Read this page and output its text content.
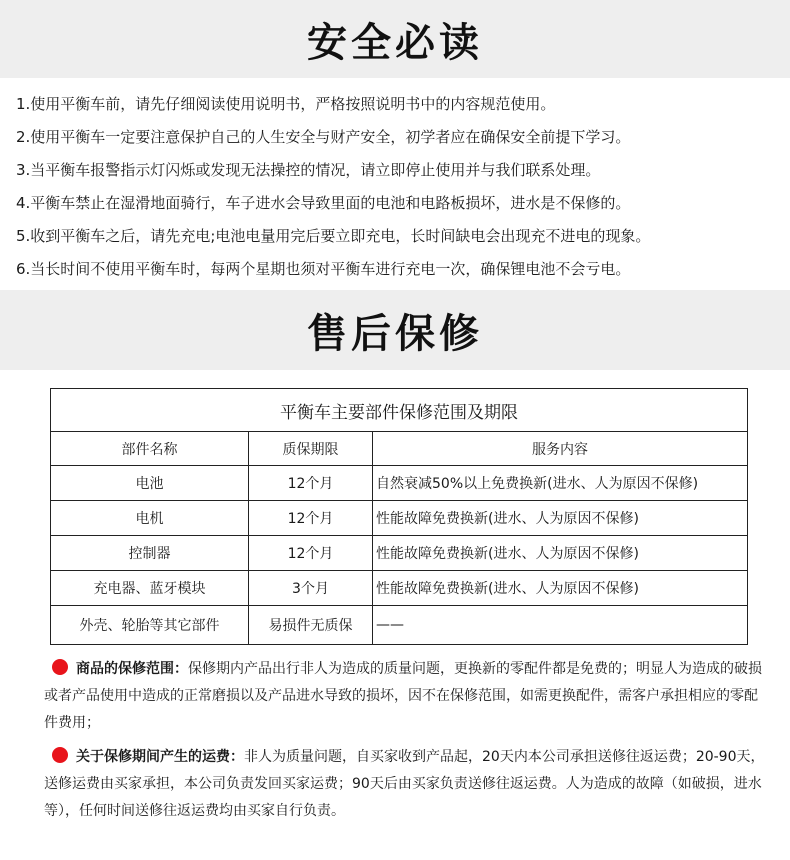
安全必读
1.使用平衡车前，请先仔细阅读使用说明书，严格按照说明书中的内容规范使用。
2.使用平衡车一定要注意保护自己的人生安全与财产安全，初学者应在确保安全前提下学习。
3.当平衡车报警指示灯闪烁或发现无法操控的情况，请立即停止使用并与我们联系处理。
4.平衡车禁止在湿滑地面骑行，车子进水会导致里面的电池和电路板损坏，进水是不保修的。
5.收到平衡车之后，请先充电;电池电量用完后要立即充电，长时间缺电会出现充不进电的现象。
6.当长时间不使用平衡车时，每两个星期也须对平衡车进行充电一次，确保锂电池不会亏电。
售后保修
平衡车主要部件保修范围及期限		
部件名称	质保期限	服务内容
电池	12个月	自然衰减50%以上免费换新(进水、人为原因不保修)
电机	12个月	性能故障免费换新(进水、人为原因不保修)
控制器	12个月	性能故障免费换新(进水、人为原因不保修)
充电器、蓝牙模块	3个月	性能故障免费换新(进水、人为原因不保修)
外壳、轮胎等其它部件	易损件无质保	——
商品的保修范围：保修期内产品出行非人为造成的质量问题，更换新的零配件都是免费的；明显人为造成的破损或者产品使用中造成的正常磨损以及产品进水导致的损坏，因不在保修范围，如需更换配件，需客户承担相应的零配件费用；
关于保修期间产生的运费：非人为质量问题，自买家收到产品起，20天内本公司承担送修往返运费；20-90天，送修运费由买家承担，本公司负责发回买家运费；90天后由买家负责送修往返运费。人为造成的故障（如破损，进水等），任何时间送修往返运费均由买家自行负责。
